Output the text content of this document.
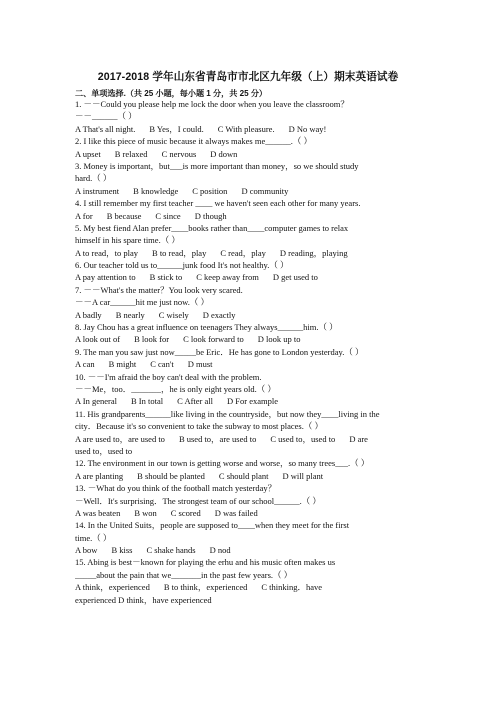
2017-2018 学年山东省青岛市市北区九年级（上）期末英语试卷
二、单项选择.（共 25 小题，每小题 1 分，共 25 分）
1. －－Could you please help me lock the door when you leave the classroom？
－－______（ ）
A That's all night. B Yes，I could. C With pleasure. D No way!
2. I like this piece of music because it always makes me______.（ ）
A upset B relaxed C nervous D down
3. Money is important，but___is more important than money，so we should study
hard.（ ）
A instrument B knowledge C position D community
4. I still remember my first teacher ____ we haven't seen each other for many years.
A for B because C since D though
5. My best fiend Alan prefer____books rather than____computer games to relax
himself in his spare time.（ ）
A to read，to play B to read，play C read，play D reading，playing
6. Our teacher told us to______junk food It's not healthy.（ ）
A pay attention to B stick to C keep away from D get used to
7. －－What's the matter？You look very scared.
－－A car______hit me just now.（ ）
A badly B nearly C wisely D exactly
8. Jay Chou has a great influence on teenagers They always______him.（ ）
A look out of B look for C look forward to D look up to
9. The man you saw just now_____be Eric．He has gone to London yesterday.（ ）
A can B might C can't D must
10. －－I'm afraid the boy can't deal with the problem.
－－Me，too．_______，he is only eight years old.（ ）
A In general B In total C After all D For example
11. His grandparents______like living in the countryside，but now they____living in the
city．Because it's so convenient to take the subway to most places.（ ）
A are used to，are used to B used to，are used to C used to，used to D are
used to，used to
12. The environment in our town is getting worse and worse，so many trees___.（ ）
A are planting B should be planted C should plant D will plant
13. －What do you think of the football match yesterday？
－Well．It's surprising．The strongest team of our school______.（ ）
A was beaten B won C scored D was failed
14. In the United Suits，people are supposed to____when they meet for the first
time.（ ）
A bow B kiss C shake hands D nod
15. Abing is best－known for playing the erhu and his music often makes us
_____about the pain that we_______in the past few years.（ ）
A think，experienced B to think，experienced C thinking．have
experienced D think，have experienced
